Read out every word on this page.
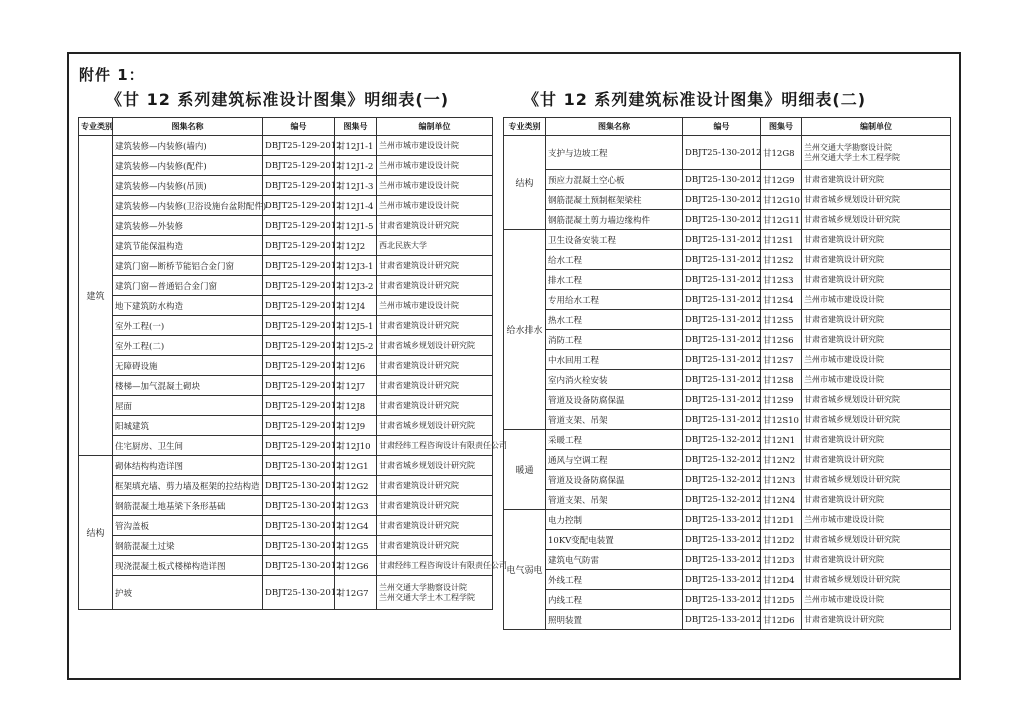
附件 1：
《甘 12 系列建筑标准设计图集》明细表(一)	《甘 12 系列建筑标准设计图集》明细表(二)
专业类别	图集名称	编号	图集号	编制单位
建筑	建筑装修—内装修(墙内)	DBJT25-129-2012	甘12J1-1	兰州市城市建设设计院
	建筑装修—内装修(配件)	DBJT25-129-2012	甘12J1-2	兰州市城市建设设计院
	建筑装修—内装修(吊顶)	DBJT25-129-2012	甘12J1-3	兰州市城市建设设计院
	建筑装修—内装修(卫浴设施台盆附配件)	DBJT25-129-2012	甘12J1-4	兰州市城市建设设计院
	建筑装修—外装修	DBJT25-129-2012	甘12J1-5	甘肃省建筑设计研究院
	建筑节能保温构造	DBJT25-129-2012	甘12J2	西北民族大学
	建筑门窗—断桥节能铝合金门窗	DBJT25-129-2012	甘12J3-1	甘肃省建筑设计研究院
	建筑门窗—普通铝合金门窗	DBJT25-129-2012	甘12J3-2	甘肃省建筑设计研究院
	地下建筑防水构造	DBJT25-129-2012	甘12J4	兰州市城市建设设计院
	室外工程(一)	DBJT25-129-2012	甘12J5-1	甘肃省建筑设计研究院
	室外工程(二)	DBJT25-129-2012	甘12J5-2	甘肃省城乡规划设计研究院
	无障碍设施	DBJT25-129-2012	甘12J6	甘肃省建筑设计研究院
	楼梯—加气混凝土砌块	DBJT25-129-2012	甘12J7	甘肃省建筑设计研究院
	屋面	DBJT25-129-2012	甘12J8	甘肃省建筑设计研究院
	阳城建筑	DBJT25-129-2012	甘12J9	甘肃省城乡规划设计研究院
	住宅厨房、卫生间	DBJT25-129-2012	甘12J10	甘肃经纬工程咨询设计有限责任公司
结构	砌体结构构造详图	DBJT25-130-2012	甘12G1	甘肃省城乡规划设计研究院
	框架填充墙、剪力墙及框架的拉结构造	DBJT25-130-2012	甘12G2	甘肃省建筑设计研究院
	钢筋混凝土地基梁下条形基础	DBJT25-130-2012	甘12G3	甘肃省建筑设计研究院
	管沟盖板	DBJT25-130-2012	甘12G4	甘肃省建筑设计研究院
	钢筋混凝土过梁	DBJT25-130-2012	甘12G5	甘肃省建筑设计研究院
	现浇混凝土板式楼梯构造详图	DBJT25-130-2012	甘12G6	甘肃经纬工程咨询设计有限责任公司
	护坡	DBJT25-130-2012	甘12G7	兰州交通大学勘察设计院
兰州交通大学土木工程学院
专业类别	图集名称	编号	图集号	编制单位
结构	支护与边坡工程	DBJT25-130-2012	甘12G8	兰州交通大学勘察设计院
兰州交通大学土木工程学院

	预应力混凝土空心板	DBJT25-130-2012	甘12G9	甘肃省建筑设计研究院
	钢筋混凝土预制框架梁柱	DBJT25-130-2012	甘12G10	甘肃省城乡规划设计研究院
	钢筋混凝土剪力墙边缘构件	DBJT25-130-2012	甘12G11	甘肃省城乡规划设计研究院
给水排水	卫生设备安装工程	DBJT25-131-2012	甘12S1	甘肃省建筑设计研究院
	给水工程	DBJT25-131-2012	甘12S2	甘肃省建筑设计研究院
	排水工程	DBJT25-131-2012	甘12S3	甘肃省建筑设计研究院
	专用给水工程	DBJT25-131-2012	甘12S4	兰州市城市建设设计院
	热水工程	DBJT25-131-2012	甘12S5	甘肃省建筑设计研究院
	消防工程	DBJT25-131-2012	甘12S6	甘肃省建筑设计研究院
	中水回用工程	DBJT25-131-2012	甘12S7	兰州市城市建设设计院
	室内消火栓安装	DBJT25-131-2012	甘12S8	兰州市城市建设设计院
	管道及设备防腐保温	DBJT25-131-2012	甘12S9	甘肃省城乡规划设计研究院
	管道支架、吊架	DBJT25-131-2012	甘12S10	甘肃省城乡规划设计研究院
暖通	采暖工程	DBJT25-132-2012	甘12N1	甘肃省建筑设计研究院
	通风与空调工程	DBJT25-132-2012	甘12N2	甘肃省建筑设计研究院
	管道及设备防腐保温	DBJT25-132-2012	甘12N3	甘肃省城乡规划设计研究院
	管道支架、吊架	DBJT25-132-2012	甘12N4	甘肃省建筑设计研究院
电气弱电	电力控制	DBJT25-133-2012	甘12D1	兰州市城市建设设计院
	10KV变配电装置	DBJT25-133-2012	甘12D2	甘肃省城乡规划设计研究院
	建筑电气防雷	DBJT25-133-2012	甘12D3	甘肃省建筑设计研究院
	外线工程	DBJT25-133-2012	甘12D4	甘肃省城乡规划设计研究院
	内线工程	DBJT25-133-2012	甘12D5	兰州市城市建设设计院
	照明装置	DBJT25-133-2012	甘12D6	甘肃省建筑设计研究院
